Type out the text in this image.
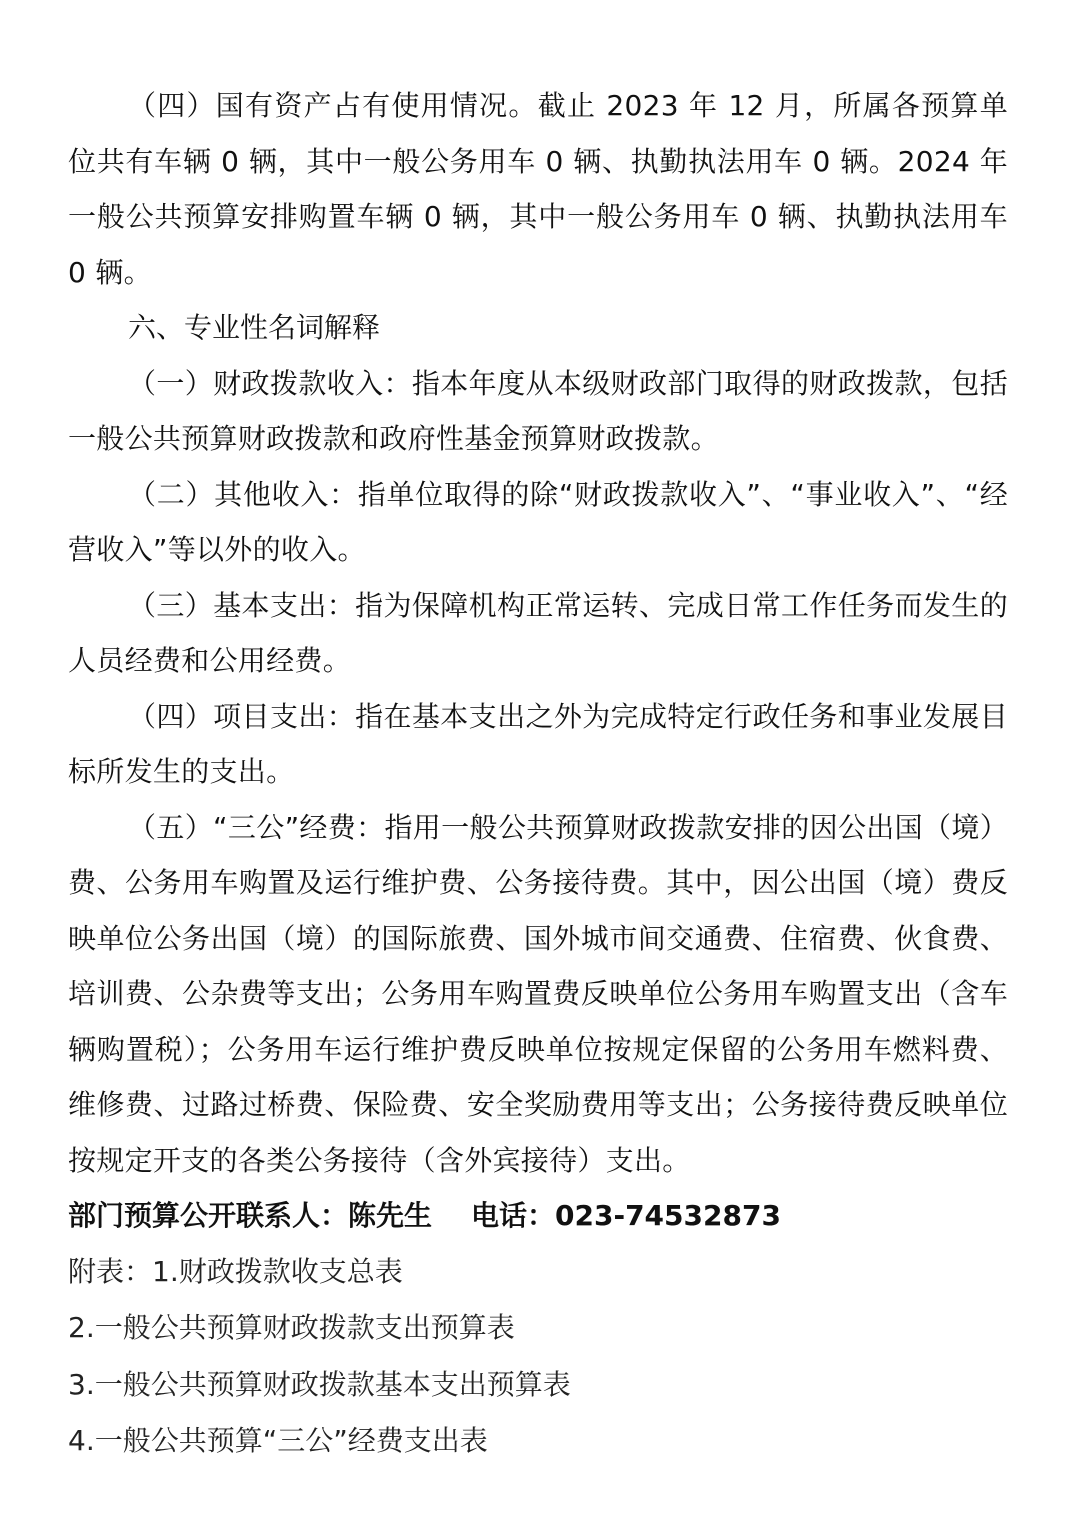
（四）国有资产占有使用情况。截止 2023 年 12 月，所属各预算单位共有车辆 0 辆，其中一般公务用车 0 辆、执勤执法用车 0 辆。2024 年一般公共预算安排购置车辆 0 辆，其中一般公务用车 0 辆、执勤执法用车 0 辆。

六、专业性名词解释

（一）财政拨款收入：指本年度从本级财政部门取得的财政拨款，包括一般公共预算财政拨款和政府性基金预算财政拨款。

（二）其他收入：指单位取得的除“财政拨款收入”、“事业收入”、“经营收入”等以外的收入。

（三）基本支出：指为保障机构正常运转、完成日常工作任务而发生的人员经费和公用经费。

（四）项目支出：指在基本支出之外为完成特定行政任务和事业发展目标所发生的支出。

（五）“三公”经费：指用一般公共预算财政拨款安排的因公出国（境）费、公务用车购置及运行维护费、公务接待费。其中，因公出国（境）费反映单位公务出国（境）的国际旅费、国外城市间交通费、住宿费、伙食费、培训费、公杂费等支出；公务用车购置费反映单位公务用车购置支出（含车辆购置税）；公务用车运行维护费反映单位按规定保留的公务用车燃料费、维修费、过路过桥费、保险费、安全奖励费用等支出；公务接待费反映单位按规定开支的各类公务接待（含外宾接待）支出。

部门预算公开联系人：陈先生    电话：023-74532873

附表：1.财政拨款收支总表

2.一般公共预算财政拨款支出预算表

3.一般公共预算财政拨款基本支出预算表

4.一般公共预算“三公”经费支出表
